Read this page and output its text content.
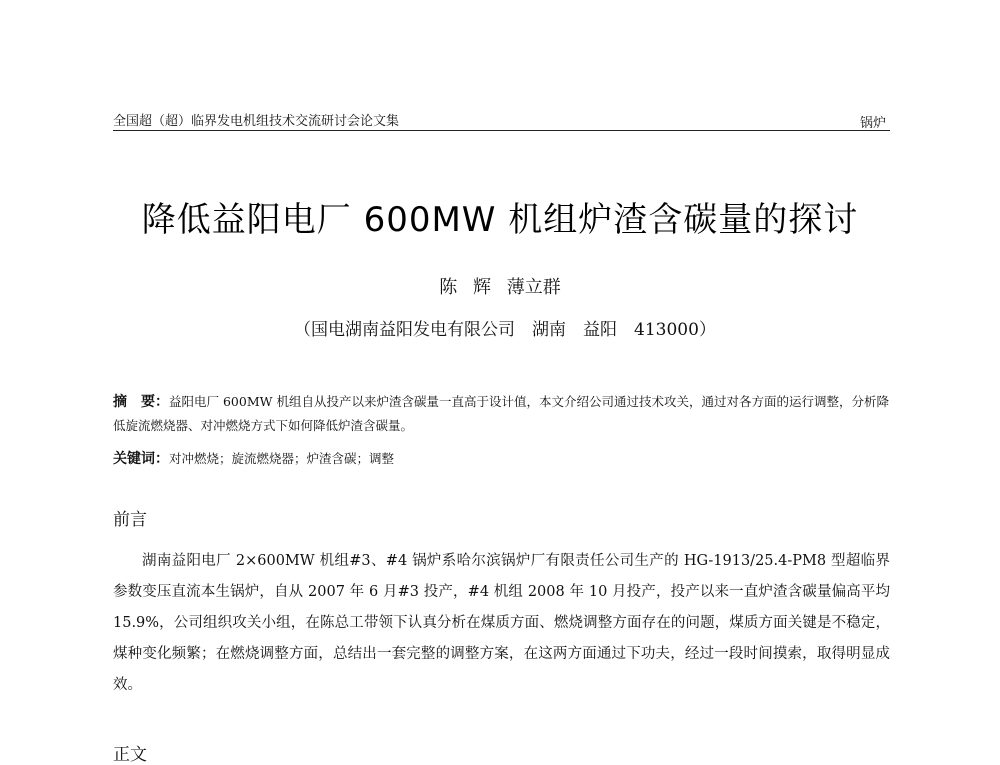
全国超（超）临界发电机组技术交流研讨会论文集	锅炉
降低益阳电厂 600MW 机组炉渣含碳量的探讨
陈 辉 薄立群
（国电湖南益阳发电有限公司　湖南　益阳　413000）
摘　要：益阳电厂 600MW 机组自从投产以来炉渣含碳量一直高于设计值，本文介绍公司通过技术攻关，通过对各方面的运行调整，分析降低旋流燃烧器、对冲燃烧方式下如何降低炉渣含碳量。
关键词：对冲燃烧；旋流燃烧器；炉渣含碳；调整
前言
湖南益阳电厂 2×600MW 机组#3、#4 锅炉系哈尔滨锅炉厂有限责任公司生产的 HG-1913/25.4-PM8 型超临界参数变压直流本生锅炉，自从 2007 年 6 月#3 投产，#4 机组 2008 年 10 月投产，投产以来一直炉渣含碳量偏高平均 15.9%，公司组织攻关小组，在陈总工带领下认真分析在煤质方面、燃烧调整方面存在的问题，煤质方面关键是不稳定，煤种变化频繁；在燃烧调整方面，总结出一套完整的调整方案，在这两方面通过下功夫，经过一段时间摸索，取得明显成效。
正文
